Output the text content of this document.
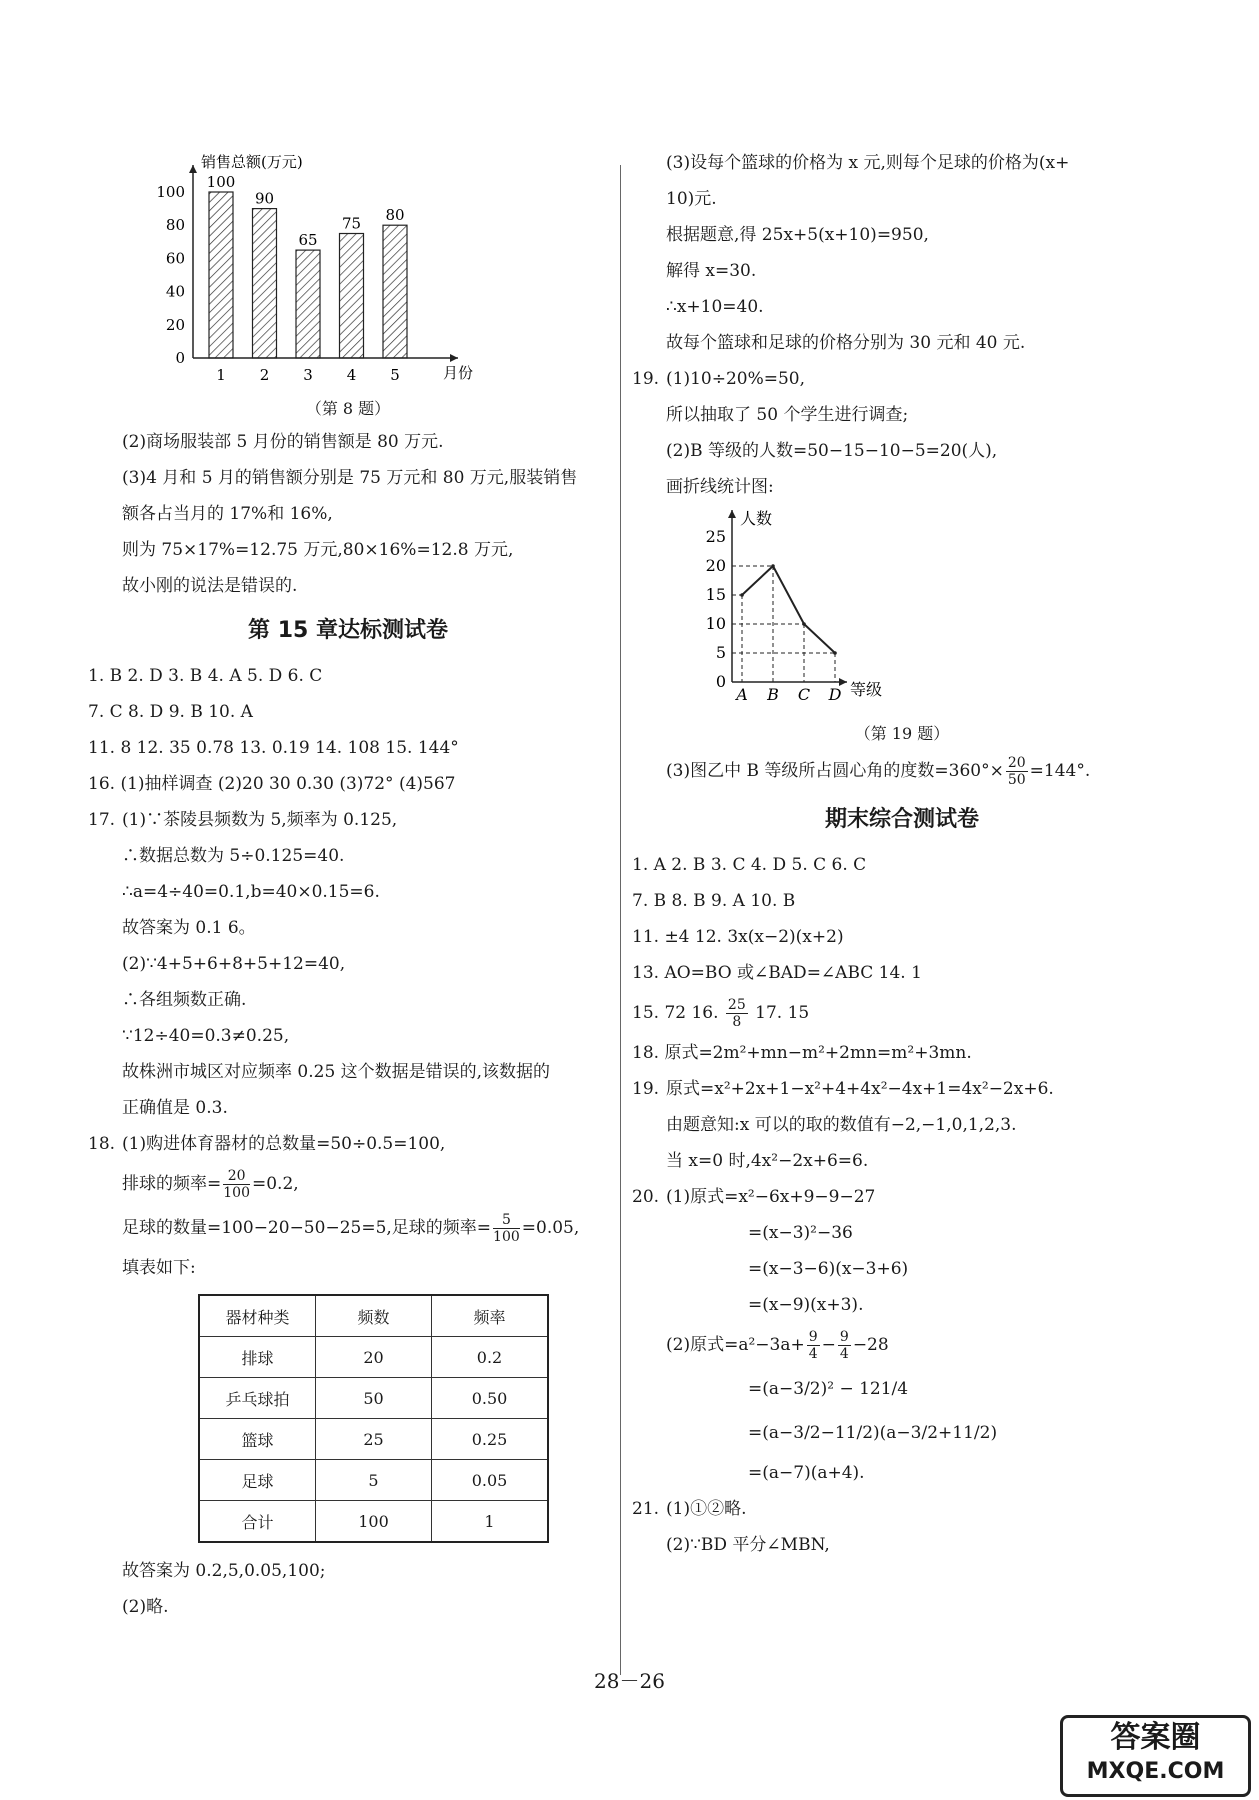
销售总额(万元)
月份
0
20
40
60
80
100
100
1
90
2
65
3
75
4
80
5
（第 8 题）
(2)商场服装部 5 月份的销售额是 80 万元.
(3)4 月和 5 月的销售额分别是 75 万元和 80 万元,服装销售
额各占当月的 17%和 16%,
则为 75×17%=12.75 万元,80×16%=12.8 万元,
故小刚的说法是错误的.
第 15 章达标测试卷
1. B 2. D 3. B 4. A 5. D 6. C
7. C 8. D 9. B 10. A
11. 8 12. 35 0.78 13. 0.19 14. 108 15. 144°
16. (1)抽样调查 (2)20 30 0.30 (3)72° (4)567
17. (1)∵茶陵县频数为 5,频率为 0.125,
∴数据总数为 5÷0.125=40.
∴a=4÷40=0.1,b=40×0.15=6.
故答案为 0.1 6。
(2)∵4+5+6+8+5+12=40,
∴各组频数正确.
∵12÷40=0.3≠0.25,
故株洲市城区对应频率 0.25 这个数据是错误的,该数据的
正确值是 0.3.
18. (1)购进体育器材的总数量=50÷0.5=100,
排球的频率= $\frac{20}{100} =0.2$,
足球的数量=100−20−50−25=5,足球的频率= $\frac{5}{100} =0.05$,
填表如下:
器材种类	频数	频率
排球	20	0.2
乒乓球拍	50	0.50
篮球	25	0.25
足球	5	0.05
合计	100	1
故答案为 0.2,5,0.05,100;
(2)略.
(3)设每个篮球的价格为 x 元,则每个足球的价格为(x+
10)元.
根据题意,得 25x+5(x+10)=950,
解得 x=30.
∴x+10=40.
故每个篮球和足球的价格分别为 30 元和 40 元.
19. (1)10÷20%=50,
所以抽取了 50 个学生进行调查;
(2)B 等级的人数=50−15−10−5=20(人),
画折线统计图:
人数
等级
0
5
10
15
20
25
A B C D
（第 19 题）
(3)图乙中 B 等级所占圆心角的度数$=360^\circ\times \frac{20}{50} =144^\circ$.
期末综合测试卷
1. A 2. B 3. C 4. D 5. C 6. C
7. B 8. B 9. A 10. B
11. ±4 12. 3x(x−2)(x+2)
13. AO=BO 或∠BAD=∠ABC 14. 1
15. 72 16. $\frac{25}{8} 17$. 15
18. 原式=2m²+mn−m²+2mn=m²+3mn.
19. 原式=x²+2x+1−x²+4+4x²−4x+1=4x²−2x+6.
由题意知:x 可以的取的数值有−2,−1,0,1,2,3.
当 x=0 时,4x²−2x+6=6.
20. (1)原式=x²−6x+9−9−27
=(x−3)²−36
=(x−3−6)(x−3+6)
=(x−9)(x+3).
(2)原式$=a^2-3a+ \frac{9}{4} - \frac{9}{4} -28$
=(a−3/2)² − 121/4
=(a−3/2−11/2)(a−3/2+11/2)
=(a−7)(a+4).
21. (1)①②略.
(2)∵BD 平分∠MBN,
28－26
答案圈
MXQE.COM
